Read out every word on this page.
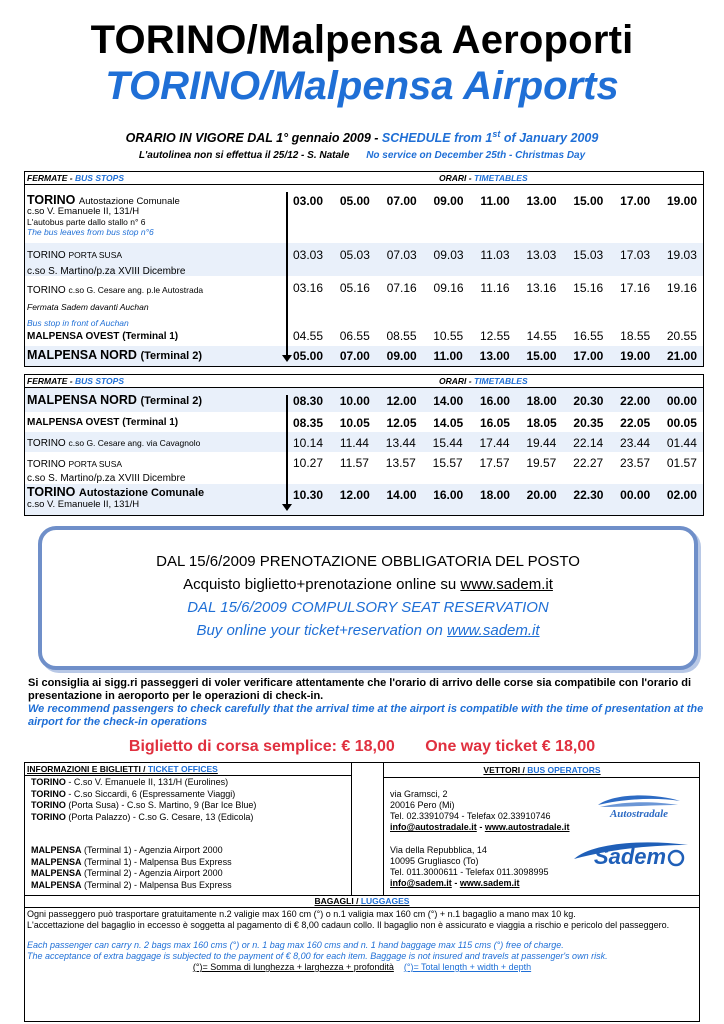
TORINO/Malpensa Aeroporti
TORINO/Malpensa Airports
ORARIO IN VIGORE DAL 1° gennaio 2009 - SCHEDULE from 1st of January 2009
L'autolinea non si effettua il 25/12 - S. Natale No service on December 25th - Christmas Day
FERMATE - BUS STOPS	ORARI - TIMETABLES
TORINO Autostazione Comunale
c.so V. Emanuele II, 131/H
L'autobus parte dallo stallo n° 6
The bus leaves from bus stop n°6
03.00 05.00 07.00 09.00 11.00 13.00 15.00 17.00 19.00
TORINO PORTA SUSA
c.so S. Martino/p.za XVIII Dicembre
03.03 05.03 07.03 09.03 11.03 13.03 15.03 17.03 19.03
TORINO c.so G. Cesare ang. p.le Autostrada
Fermata Sadem davanti Auchan
Bus stop in front of Auchan
03.16 05.16 07.16 09.16 11.16 13.16 15.16 17.16 19.16
MALPENSA OVEST (Terminal 1)	04.55 06.55 08.55 10.55 12.55 14.55 16.55 18.55 20.55
MALPENSA NORD (Terminal 2)	05.00 07.00 09.00 11.00 13.00 15.00 17.00 19.00 21.00
FERMATE - BUS STOPS	ORARI - TIMETABLES
MALPENSA NORD (Terminal 2)	08.30 10.00 12.00 14.00 16.00 18.00 20.30 22.00 00.00
MALPENSA OVEST (Terminal 1)	08.35 10.05 12.05 14.05 16.05 18.05 20.35 22.05 00.05
TORINO c.so G. Cesare ang. via Cavagnolo	10.14 11.44 13.44 15.44 17.44 19.44 22.14 23.44 01.44
TORINO PORTA SUSA
c.so S. Martino/p.za XVIII Dicembre
10.27 11.57 13.57 15.57 17.57 19.57 22.27 23.57 01.57
TORINO Autostazione Comunale
c.so V. Emanuele II, 131/H
10.30 12.00 14.00 16.00 18.00 20.00 22.30 00.00 02.00
DAL 15/6/2009 PRENOTAZIONE OBBLIGATORIA DEL POSTO
Acquisto biglietto+prenotazione online su www.sadem.it
DAL 15/6/2009 COMPULSORY SEAT RESERVATION
Buy online your ticket+reservation on www.sadem.it
Si consiglia ai sigg.ri passeggeri di voler verificare attentamente che l'orario di arrivo delle corse sia compatibile con l'orario di presentazione in aeroporto per le operazioni di check-in.
We recommend passengers to check carefully that the arrival time at the airport is compatible with the time of presentation at the airport for the check-in operations
Biglietto di corsa semplice: € 18,00 One way ticket € 18,00
INFORMAZIONI E BIGLIETTI / TICKET OFFICES
TORINO - C.so V. Emanuele II, 131/H (Eurolines)
TORINO - C.so Siccardi, 6 (Espressamente Viaggi)
TORINO (Porta Susa) - C.so S. Martino, 9 (Bar Ice Blue)
TORINO (Porta Palazzo) - C.so G. Cesare, 13 (Edicola)
MALPENSA (Terminal 1) - Agenzia Airport 2000
MALPENSA (Terminal 1) - Malpensa Bus Express
MALPENSA (Terminal 2) - Agenzia Airport 2000
MALPENSA (Terminal 2) - Malpensa Bus Express
VETTORI / BUS OPERATORS
via Gramsci, 2
20016 Pero (Mi)
Tel. 02.33910794 - Telefax 02.33910746
info@autostradale.it - www.autostradale.it
Via della Repubblica, 14
10095 Grugliasco (To)
Tel. 011.3000611 - Telefax 011.3098995
info@sadem.it - www.sadem.it
Autostradale
Sadem
BAGAGLI / LUGGAGES
Ogni passeggero può trasportare gratuitamente n.2 valigie max 160 cm (°) o n.1 valigia max 160 cm (°) + n.1 bagaglio a mano max 10 kg.
L'accettazione del bagaglio in eccesso è soggetta al pagamento di € 8,00 cadaun collo. Il bagaglio non è assicurato e viaggia a rischio e pericolo del passeggero.
Each passenger can carry n. 2 bags max 160 cms (°) or n. 1 bag max 160 cms and n. 1 hand baggage max 115 cms (°) free of charge.
The acceptance of extra baggage is subjected to the payment of € 8,00 for each item. Baggage is not insured and travels at passenger's own risk.
(°)= Somma di lunghezza + larghezza + profondità (°)= Total length + width + depth
